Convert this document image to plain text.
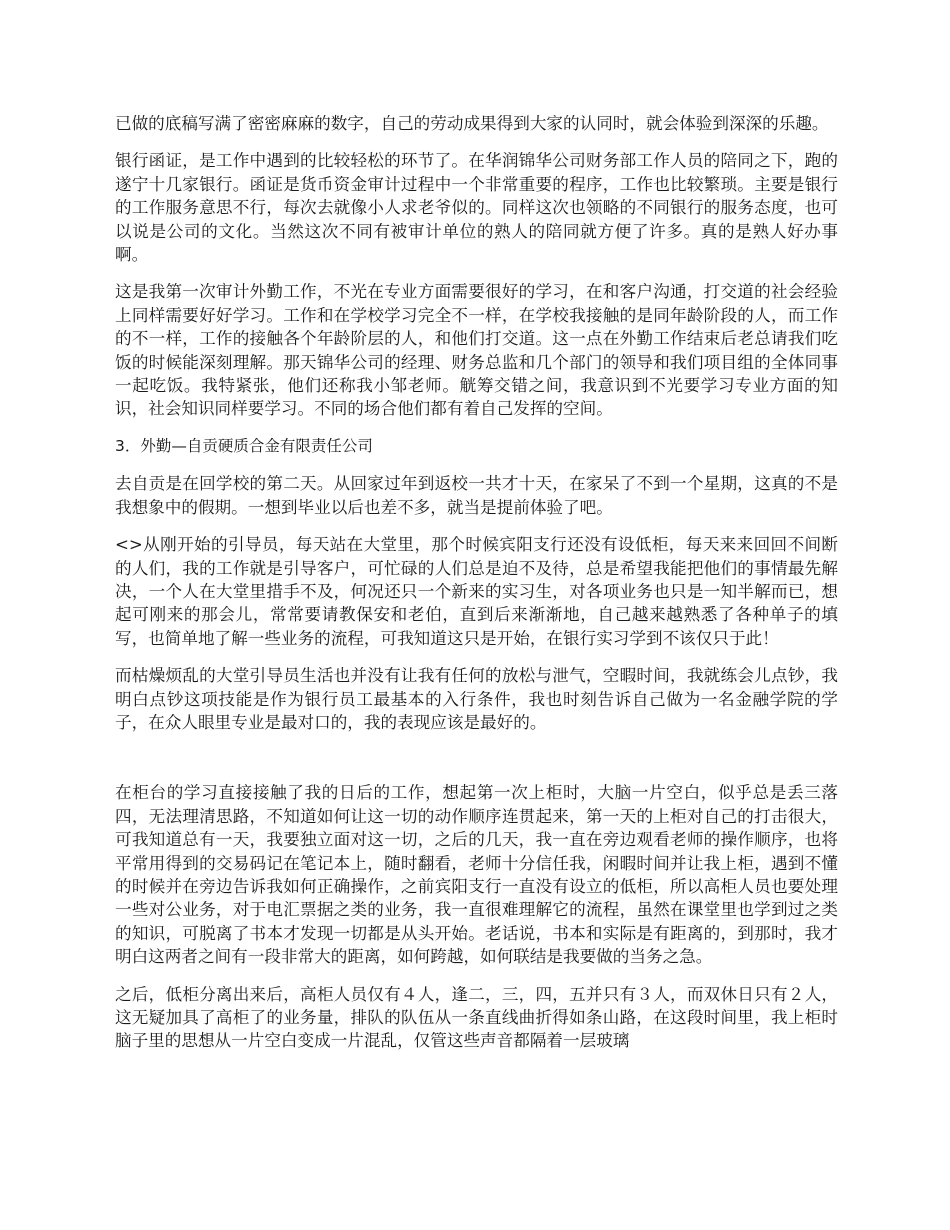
已做的底稿写满了密密麻麻的数字，自己的劳动成果得到大家的认同时，就会体验到深深的乐趣。

银行函证，是工作中遇到的比较轻松的环节了。在华润锦华公司财务部工作人员的陪同之下，跑的遂宁十几家银行。函证是货币资金审计过程中一个非常重要的程序，工作也比较繁琐。主要是银行的工作服务意思不行，每次去就像小人求老爷似的。同样这次也领略的不同银行的服务态度，也可以说是公司的文化。当然这次不同有被审计单位的熟人的陪同就方便了许多。真的是熟人好办事啊。

这是我第一次审计外勤工作，不光在专业方面需要很好的学习，在和客户沟通，打交道的社会经验上同样需要好好学习。工作和在学校学习完全不一样，在学校我接触的是同年龄阶段的人，而工作的不一样，工作的接触各个年龄阶层的人，和他们打交道。这一点在外勤工作结束后老总请我们吃饭的时候能深刻理解。那天锦华公司的经理、财务总监和几个部门的领导和我们项目组的全体同事一起吃饭。我特紧张，他们还称我小邹老师。觥筹交错之间，我意识到不光要学习专业方面的知识，社会知识同样要学习。不同的场合他们都有着自己发挥的空间。

3．外勤—自贡硬质合金有限责任公司

去自贡是在回学校的第二天。从回家过年到返校一共才十天，在家呆了不到一个星期，这真的不是我想象中的假期。一想到毕业以后也差不多，就当是提前体验了吧。

<>从刚开始的引导员，每天站在大堂里，那个时候宾阳支行还没有设低柜，每天来来回回不间断的人们，我的工作就是引导客户，可忙碌的人们总是迫不及待，总是希望我能把他们的事情最先解决，一个人在大堂里措手不及，何况还只一个新来的实习生，对各项业务也只是一知半解而已，想起可刚来的那会儿，常常要请教保安和老伯，直到后来渐渐地，自己越来越熟悉了各种单子的填写，也简单地了解一些业务的流程，可我知道这只是开始，在银行实习学到不该仅只于此！

而枯燥烦乱的大堂引导员生活也并没有让我有任何的放松与泄气，空暇时间，我就练会儿点钞，我明白点钞这项技能是作为银行员工最基本的入行条件，我也时刻告诉自己做为一名金融学院的学子，在众人眼里专业是最对口的，我的表现应该是最好的。

在柜台的学习直接接触了我的日后的工作，想起第一次上柜时，大脑一片空白，似乎总是丢三落四，无法理清思路，不知道如何让这一切的动作顺序连贯起来，第一天的上柜对自己的打击很大，可我知道总有一天，我要独立面对这一切，之后的几天，我一直在旁边观看老师的操作顺序，也将平常用得到的交易码记在笔记本上，随时翻看，老师十分信任我，闲暇时间并让我上柜，遇到不懂的时候并在旁边告诉我如何正确操作，之前宾阳支行一直没有设立的低柜，所以高柜人员也要处理一些对公业务，对于电汇票据之类的业务，我一直很难理解它的流程，虽然在课堂里也学到过之类的知识，可脱离了书本才发现一切都是从头开始。老话说，书本和实际是有距离的，到那时，我才明白这两者之间有一段非常大的距离，如何跨越，如何联结是我要做的当务之急。

之后，低柜分离出来后，高柜人员仅有４人，逢二，三，四，五并只有３人，而双休日只有２人，这无疑加具了高柜了的业务量，排队的队伍从一条直线曲折得如条山路，在这段时间里，我上柜时脑子里的思想从一片空白变成一片混乱，仅管这些声音都隔着一层玻璃
